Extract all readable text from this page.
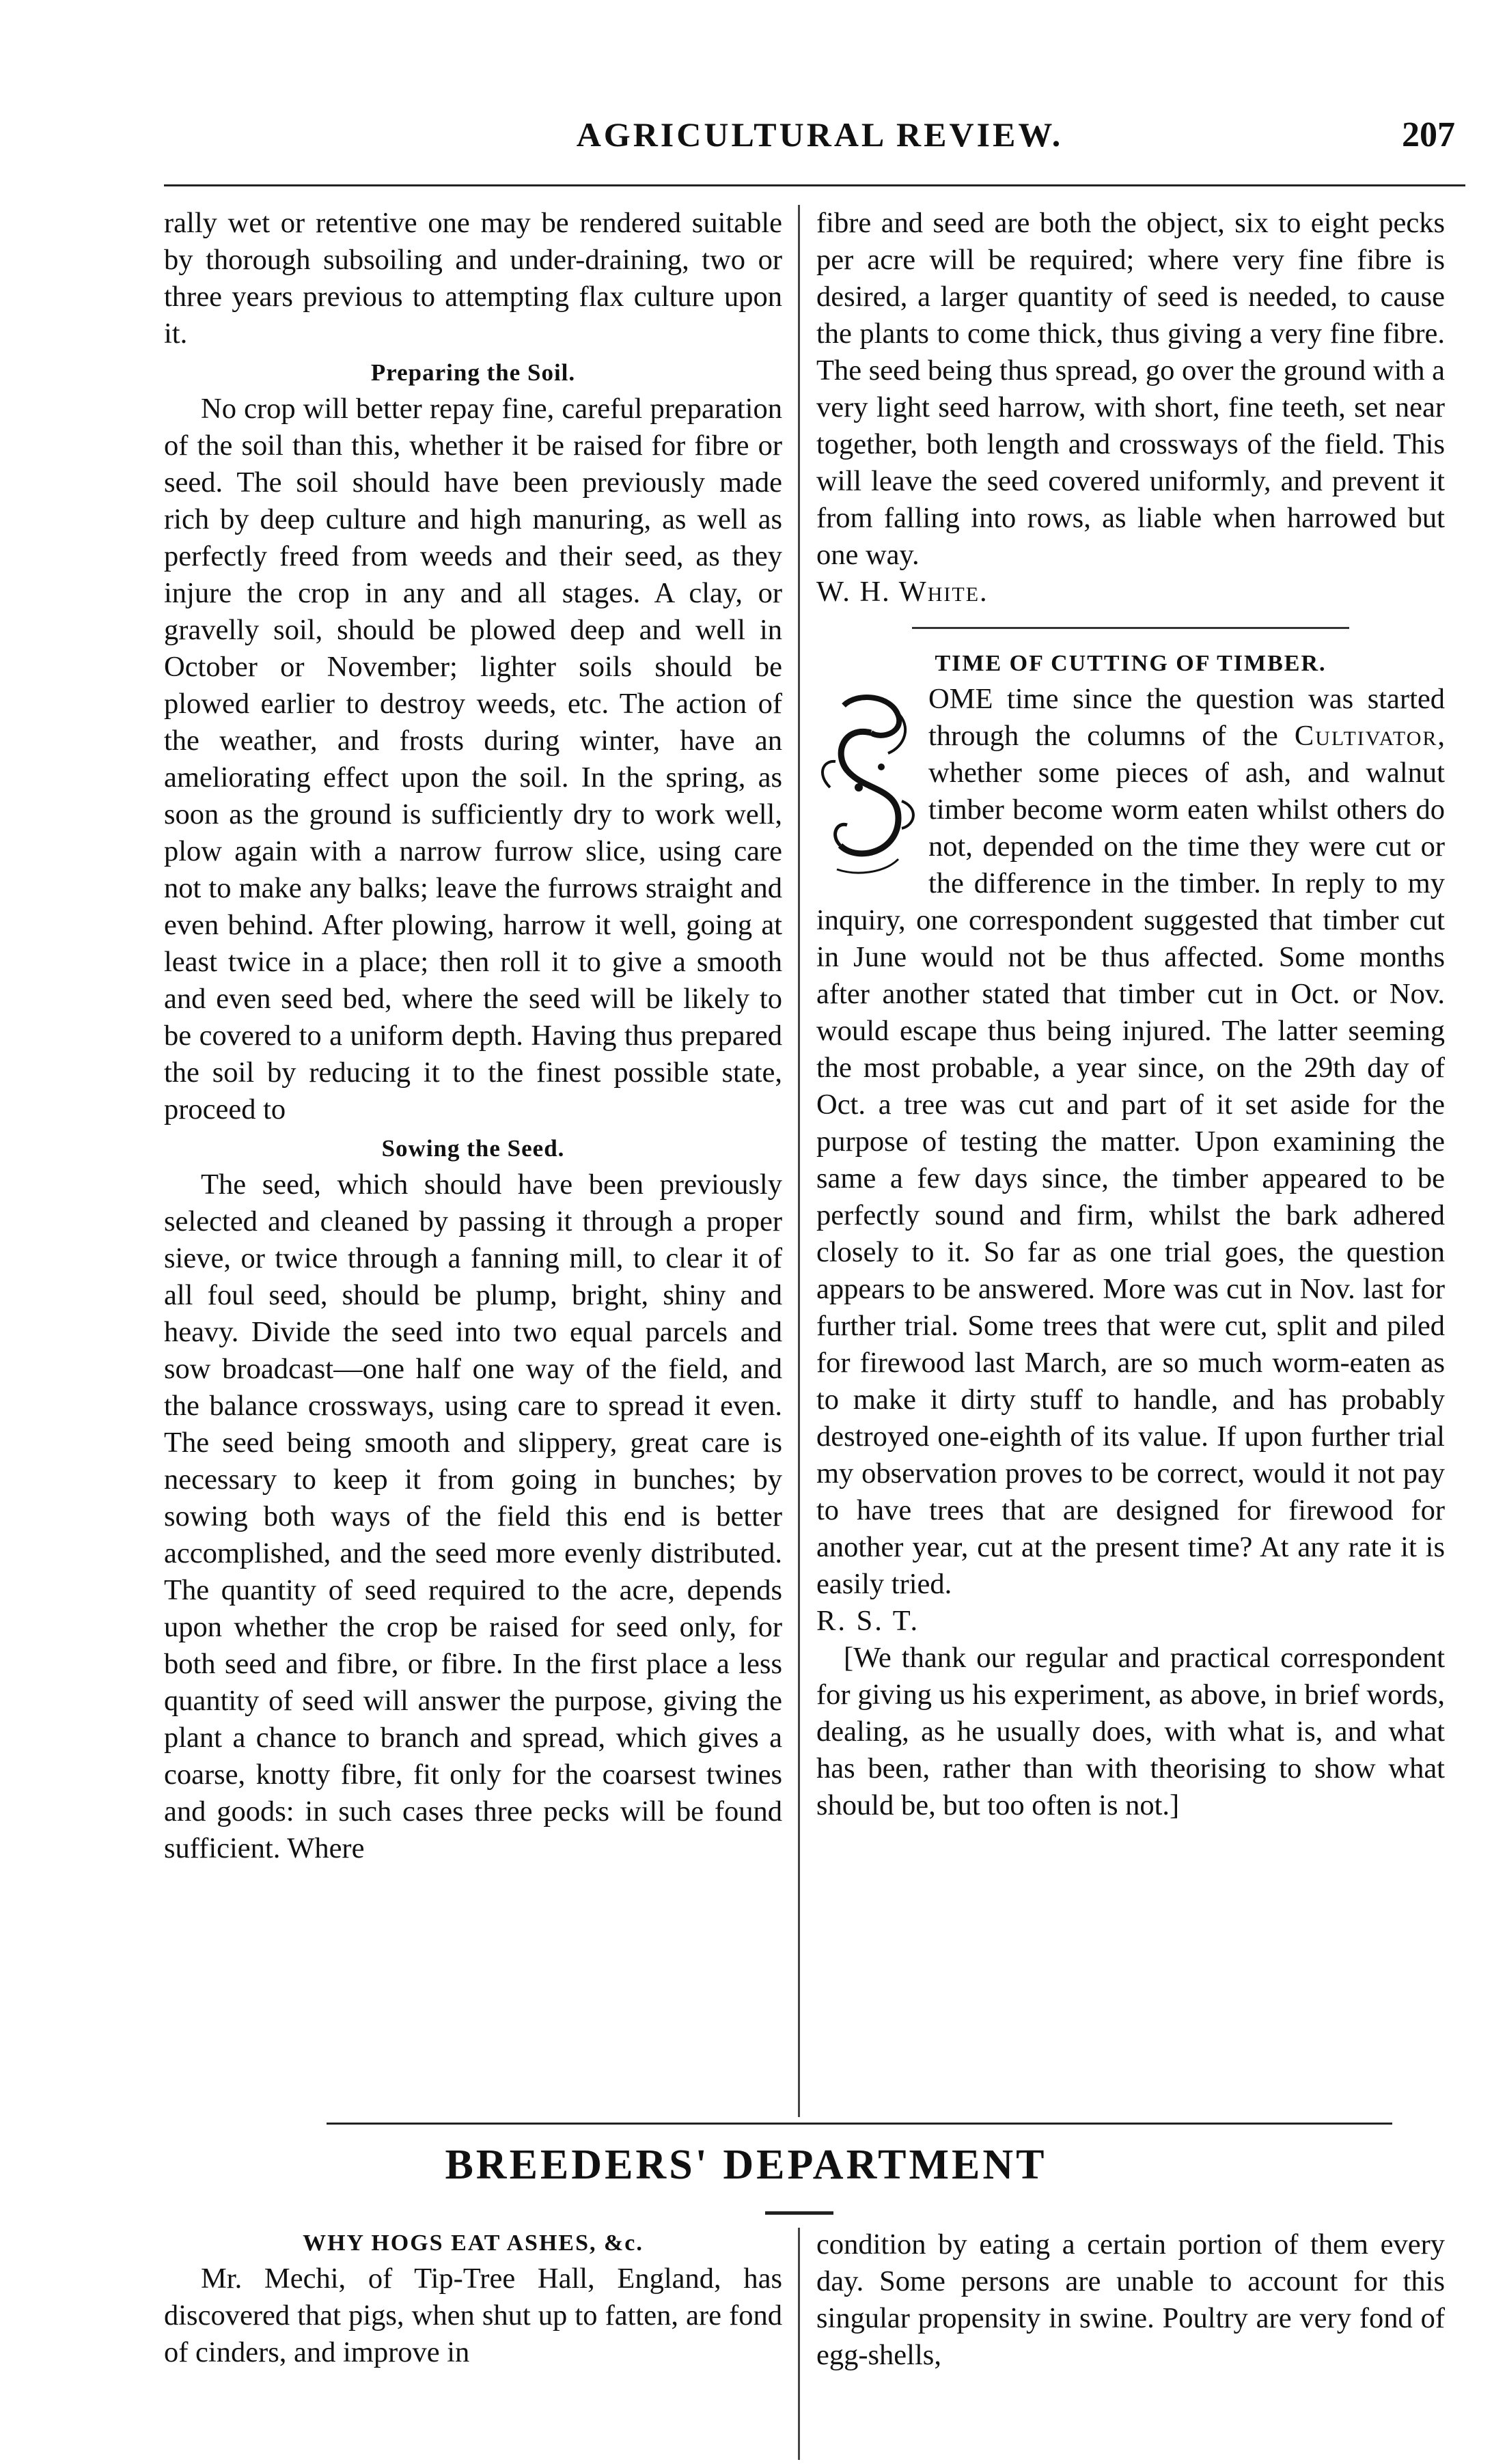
AGRICULTURAL REVIEW.	207

rally wet or retentive one may be rendered suitable by thorough subsoiling and under-draining, two or three years previous to attempting flax culture upon it.

Preparing the Soil.

No crop will better repay fine, careful preparation of the soil than this, whether it be raised for fibre or seed. The soil should have been previously made rich by deep culture and high manuring, as well as perfectly freed from weeds and their seed, as they injure the crop in any and all stages. A clay, or gravelly soil, should be plowed deep and well in October or November; lighter soils should be plowed earlier to destroy weeds, etc. The action of the weather, and frosts during winter, have an ameliorating effect upon the soil. In the spring, as soon as the ground is sufficiently dry to work well, plow again with a narrow furrow slice, using care not to make any balks; leave the furrows straight and even behind. After plowing, harrow it well, going at least twice in a place; then roll it to give a smooth and even seed bed, where the seed will be likely to be covered to a uniform depth. Having thus prepared the soil by reducing it to the finest possible state, proceed to

Sowing the Seed.

The seed, which should have been previously selected and cleaned by passing it through a proper sieve, or twice through a fanning mill, to clear it of all foul seed, should be plump, bright, shiny and heavy. Divide the seed into two equal parcels and sow broadcast—one half one way of the field, and the balance crossways, using care to spread it even. The seed being smooth and slippery, great care is necessary to keep it from going in bunches; by sowing both ways of the field this end is better accomplished, and the seed more evenly distributed. The quantity of seed required to the acre, depends upon whether the crop be raised for seed only, for both seed and fibre, or fibre. In the first place a less quantity of seed will answer the purpose, giving the plant a chance to branch and spread, which gives a coarse, knotty fibre, fit only for the coarsest twines and goods: in such cases three pecks will be found sufficient. Where

fibre and seed are both the object, six to eight pecks per acre will be required; where very fine fibre is desired, a larger quantity of seed is needed, to cause the plants to come thick, thus giving a very fine fibre. The seed being thus spread, go over the ground with a very light seed harrow, with short, fine teeth, set near together, both length and crossways of the field. This will leave the seed covered uniformly, and prevent it from falling into rows, as liable when harrowed but one way.

W. H. White.

TIME OF CUTTING OF TIMBER.

OME time since the question was started through the columns of the Cultivator, whether some pieces of ash, and walnut timber become worm eaten whilst others do not, depended on the time they were cut or the difference in the timber. In reply to my inquiry, one correspondent suggested that timber cut in June would not be thus affected. Some months after another stated that timber cut in Oct. or Nov. would escape thus being injured. The latter seeming the most probable, a year since, on the 29th day of Oct. a tree was cut and part of it set aside for the purpose of testing the matter. Upon examining the same a few days since, the timber appeared to be perfectly sound and firm, whilst the bark adhered closely to it. So far as one trial goes, the question appears to be answered. More was cut in Nov. last for further trial. Some trees that were cut, split and piled for firewood last March, are so much worm-eaten as to make it dirty stuff to handle, and has probably destroyed one-eighth of its value. If upon further trial my observation proves to be correct, would it not pay to have trees that are designed for firewood for another year, cut at the present time? At any rate it is easily tried.

R. S. T.

[We thank our regular and practical correspondent for giving us his experiment, as above, in brief words, dealing, as he usually does, with what is, and what has been, rather than with theorising to show what should be, but too often is not.]

BREEDERS' DEPARTMENT
WHY HOGS EAT ASHES, &c.

Mr. Mechi, of Tip-Tree Hall, England, has discovered that pigs, when shut up to fatten, are fond of cinders, and improve in

condition by eating a certain portion of them every day. Some persons are unable to account for this singular propensity in swine. Poultry are very fond of egg-shells,
